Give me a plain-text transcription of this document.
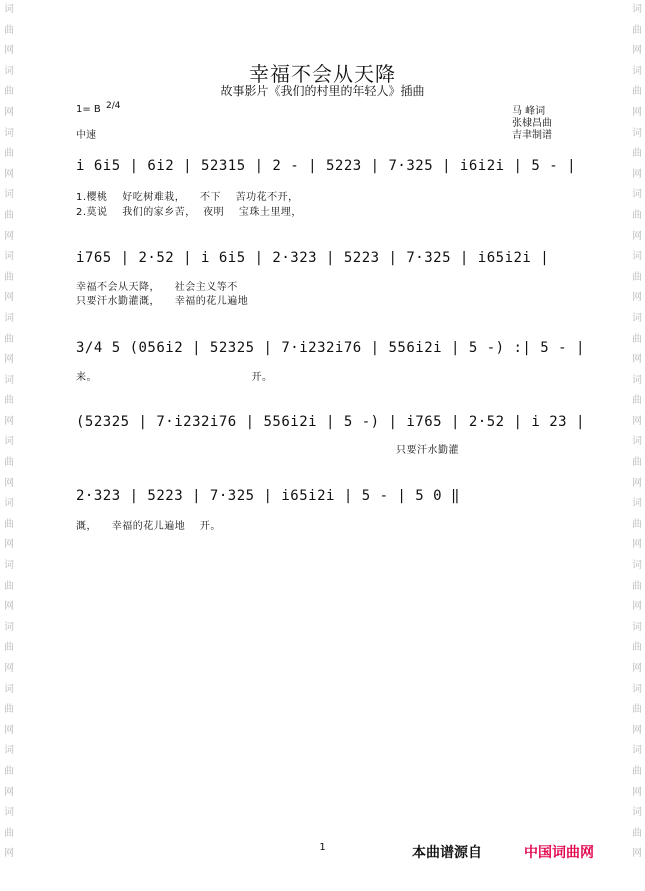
词曲网词曲网词曲网词曲网词曲网词曲网词曲网词曲网词曲网词曲网词曲网词曲网词曲网词曲网
词曲网词曲网词曲网词曲网词曲网词曲网词曲网词曲网词曲网词曲网词曲网词曲网词曲网词曲网
幸福不会从天降
故事影片《我们的村里的年轻人》插曲
1= B 2/4
中速
马 峰词
张棣昌曲
吉聿制谱
i 6i5 | 6i2 | 52315 | 2 - | 5223 | 7·325 | i6i2i | 5 - |
1.樱桃    好吃树难栽，    不下    苦功花不开，
2.莫说    我们的家乡苦，  夜明    宝珠土里埋，
i765 | 2·52 | i 6i5 | 2·323 | 5223 | 7·325 | i65i2i |
幸福不会从天降，    社会主义等不
只要汗水勤灌溉，    幸福的花儿遍地
3/4 5 (056i2 | 52325 | 7·i232i76 | 556i2i | 5 -) :| 5 - |
来。                                          开。
(52325 | 7·i232i76 | 556i2i | 5 -) | i765 | 2·52 | i 23 |
只要汗水勤灌
2·323 | 5223 | 7·325 | i65i2i | 5 - | 5 0 ‖
溉，    幸福的花儿遍地    开。
1	本曲谱源自	中国词曲网
